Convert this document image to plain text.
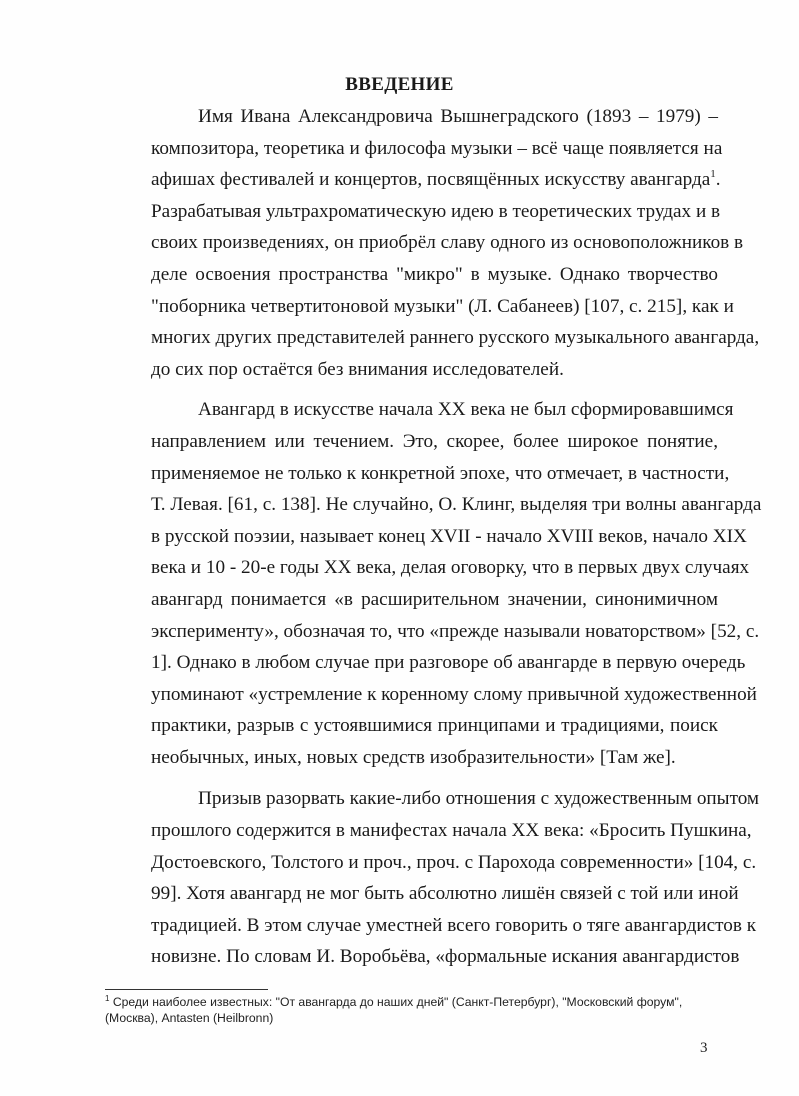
ВВЕДЕНИЕ
Имя Ивана Александровича Вышнеградского (1893 – 1979) –
композитора, теоретика и философа музыки – всё чаще появляется на
афишах фестивалей и концертов, посвящённых искусству авангарда$^1$.
Разрабатывая ультрахроматическую идею в теоретических трудах и в
своих произведениях, он приобрёл славу одного из основоположников в
деле освоения пространства "микро" в музыке. Однако творчество
"поборника четвертитоновой музыки" (Л. Сабанеев) [107, с. 215], как и
многих других представителей раннего русского музыкального авангарда,
до сих пор остаётся без внимания исследователей.
Авангард в искусстве начала XX века не был сформировавшимся
направлением или течением. Это, скорее, более широкое понятие,
применяемое не только к конкретной эпохе, что отмечает, в частности,
Т. Левая. [61, с. 138]. Не случайно, О. Клинг, выделяя три волны авангарда
в русской поэзии, называет конец XVII - начало XVIII веков, начало XIX
века и 10 - 20-е годы XX века, делая оговорку, что в первых двух случаях
авангард понимается «в расширительном значении, синонимичном
эксперименту», обозначая то, что «прежде называли новаторством» [52, с.
1]. Однако в любом случае при разговоре об авангарде в первую очередь
упоминают «устремление к коренному слому привычной художественной
практики, разрыв с устоявшимися принципами и традициями, поиск
необычных, иных, новых средств изобразительности» [Там же].
Призыв разорвать какие-либо отношения с художественным опытом
прошлого содержится в манифестах начала XX века: «Бросить Пушкина,
Достоевского, Толстого и проч., проч. с Парохода современности» [104, с.
99]. Хотя авангард не мог быть абсолютно лишён связей с той или иной
традицией. В этом случае уместней всего говорить о тяге авангардистов к
новизне. По словам И. Воробьёва, «формальные искания авангардистов
$^1$ Среди наиболее известных: "От авангарда до наших дней" (Санкт-Петербург), "Московский форум",
(Москва), Antasten (Heilbronn)
3
